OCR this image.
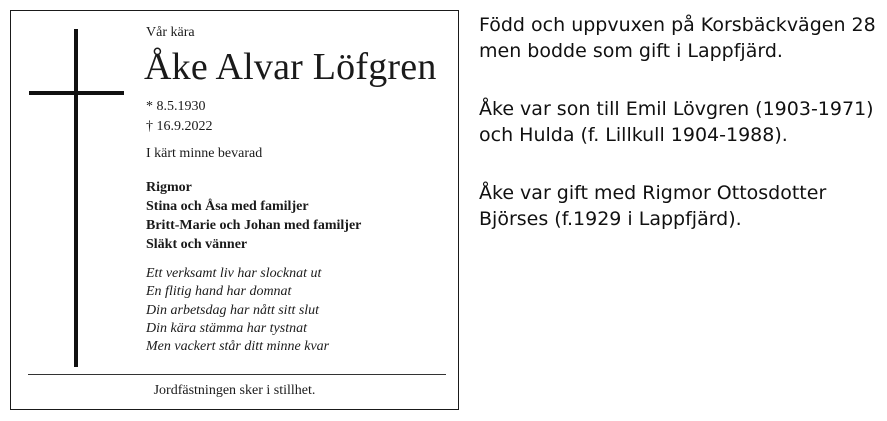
Vår kära
Åke Alvar Löfgren
* 8.5.1930
† 16.9.2022
I kärt minne bevarad
Rigmor
Stina och Åsa med familjer
Britt-Marie och Johan med familjer
Släkt och vänner
Ett verksamt liv har slocknat ut
En flitig hand har domnat
Din arbetsdag har nått sitt slut
Din kära stämma har tystnat
Men vackert står ditt minne kvar
Jordfästningen sker i stillhet.

Född och uppvuxen på Korsbäckvägen 28 men bodde som gift i Lappfjärd.

Åke var son till Emil Lövgren (1903-1971) och Hulda (f. Lillkull 1904-1988).

Åke var gift med Rigmor Ottosdotter Björses (f.1929 i Lappfjärd).
